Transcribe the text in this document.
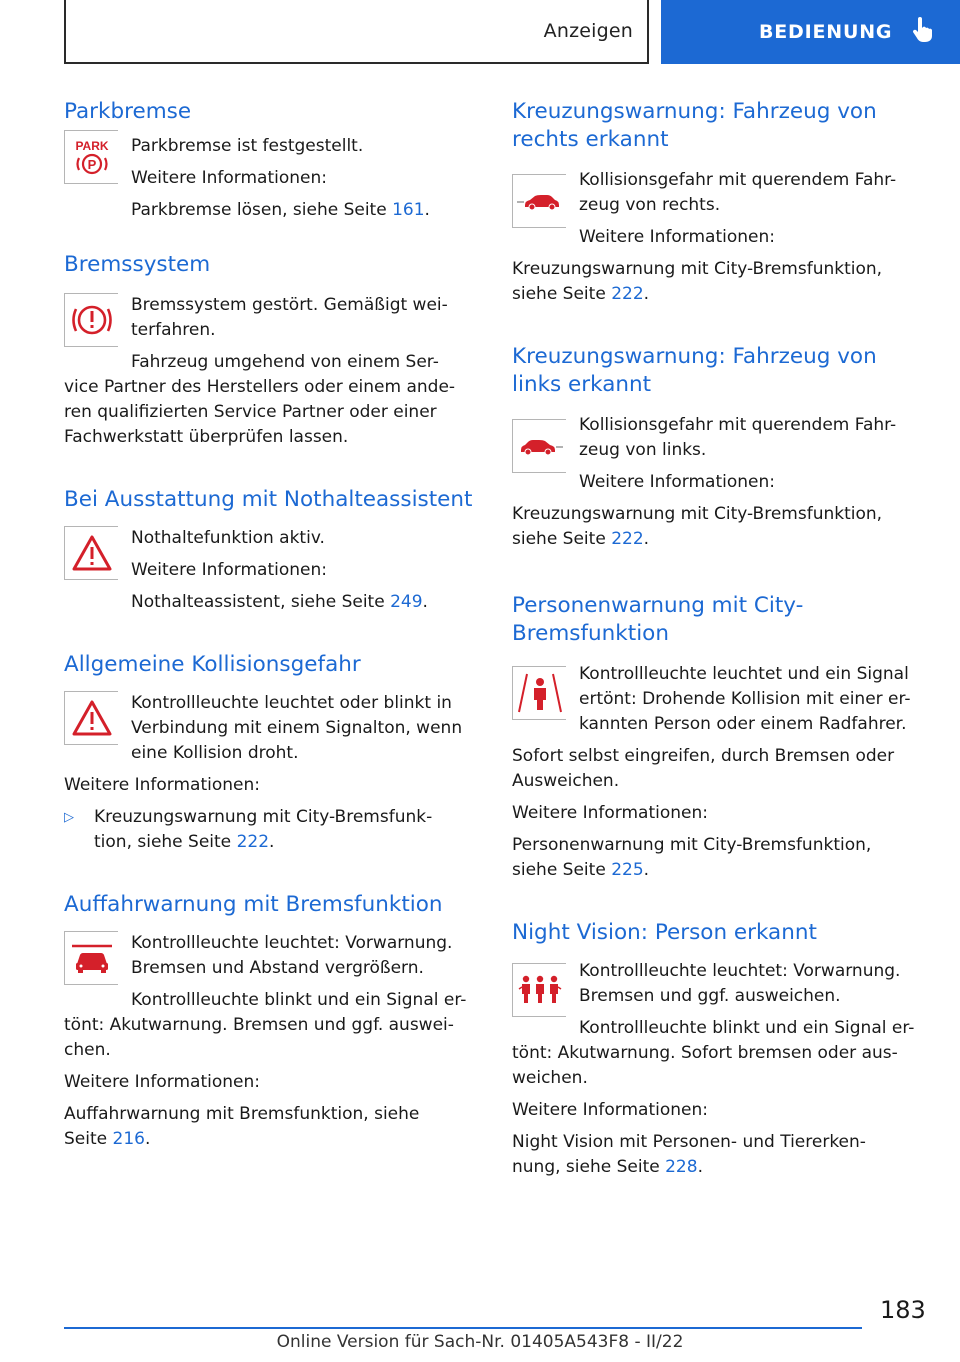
Anzeigen	BEDIENUNG
Parkbremse
PARK
P

Parkbremse ist festgestellt.

Weitere Informationen:

Parkbremse lösen, siehe Seite 161.

Bremssystem

Bremssystem gestört. Gemäßigt wei-
terfahren.

Fahrzeug umgehend von einem Ser-
vice Partner des Herstellers oder einem ande-
ren qualifizierten Service Partner oder einer
Fachwerkstatt überprüfen lassen.

Bei Ausstattung mit Nothalteassistent

Nothaltefunktion aktiv.

Weitere Informationen:

Nothalteassistent, siehe Seite 249.

Allgemeine Kollisionsgefahr

Kontrollleuchte leuchtet oder blinkt in
Verbindung mit einem Signalton, wenn
eine Kollision droht.

Weitere Informationen:

▷ Kreuzungswarnung mit City-Bremsfunk-
tion, siehe Seite 222.

Auffahrwarnung mit Bremsfunktion

Kontrollleuchte leuchtet: Vorwarnung.
Bremsen und Abstand vergrößern.

Kontrollleuchte blinkt und ein Signal er-
tönt: Akutwarnung. Bremsen und ggf. auswei-
chen.

Weitere Informationen:

Auffahrwarnung mit Bremsfunktion, siehe
Seite 216.

Kreuzungswarnung: Fahrzeug von
rechts erkannt

Kollisionsgefahr mit querendem Fahr-
zeug von rechts.

Weitere Informationen:

Kreuzungswarnung mit City-Bremsfunktion,
siehe Seite 222.

Kreuzungswarnung: Fahrzeug von
links erkannt

Kollisionsgefahr mit querendem Fahr-
zeug von links.

Weitere Informationen:

Kreuzungswarnung mit City-Bremsfunktion,
siehe Seite 222.

Personenwarnung mit City-
Bremsfunktion

Kontrollleuchte leuchtet und ein Signal
ertönt: Drohende Kollision mit einer er-
kannten Person oder einem Radfahrer.

Sofort selbst eingreifen, durch Bremsen oder
Ausweichen.

Weitere Informationen:

Personenwarnung mit City-Bremsfunktion,
siehe Seite 225.

Night Vision: Person erkannt

Kontrollleuchte leuchtet: Vorwarnung.
Bremsen und ggf. ausweichen.

Kontrollleuchte blinkt und ein Signal er-
tönt: Akutwarnung. Sofort bremsen oder aus-
weichen.

Weitere Informationen:

Night Vision mit Personen- und Tiererken-
nung, siehe Seite 228.

183
Online Version für Sach-Nr. 01405A543F8 - II/22
